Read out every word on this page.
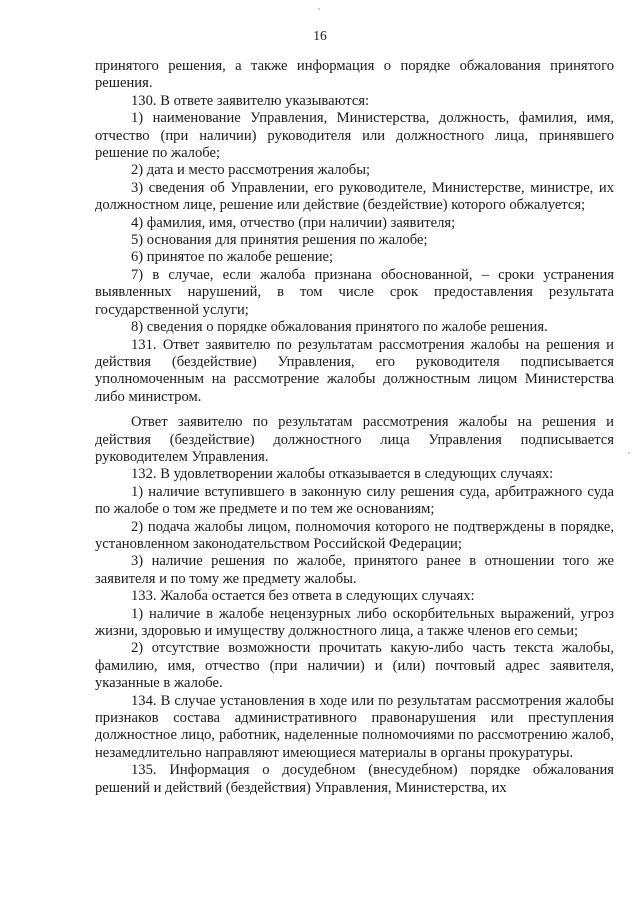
16

принятого решения, а также информация о порядке обжалования принятого решения.

130. В ответе заявителю указываются:

1) наименование Управления, Министерства, должность, фамилия, имя, отчество (при наличии) руководителя или должностного лица, принявшего решение по жалобе;

2) дата и место рассмотрения жалобы;

3) сведения об Управлении, его руководителе, Министерстве, министре, их должностном лице, решение или действие (бездействие) которого обжалуется;

4) фамилия, имя, отчество (при наличии) заявителя;

5) основания для принятия решения по жалобе;

6) принятое по жалобе решение;

7) в случае, если жалоба признана обоснованной, – сроки устранения выявленных нарушений, в том числе срок предоставления результата государственной услуги;

8) сведения о порядке обжалования принятого по жалобе решения.

131. Ответ заявителю по результатам рассмотрения жалобы на решения и действия (бездействие) Управления, его руководителя подписывается уполномоченным на рассмотрение жалобы должностным лицом Министерства либо министром.

Ответ заявителю по результатам рассмотрения жалобы на решения и действия (бездействие) должностного лица Управления подписывается руководителем Управления.

132. В удовлетворении жалобы отказывается в следующих случаях:

1) наличие вступившего в законную силу решения суда, арбитражного суда по жалобе о том же предмете и по тем же основаниям;

2) подача жалобы лицом, полномочия которого не подтверждены в порядке, установленном законодательством Российской Федерации;

3) наличие решения по жалобе, принятого ранее в отношении того же заявителя и по тому же предмету жалобы.

133. Жалоба остается без ответа в следующих случаях:

1) наличие в жалобе нецензурных либо оскорбительных выражений, угроз жизни, здоровью и имуществу должностного лица, а также членов его семьи;

2) отсутствие возможности прочитать какую-либо часть текста жалобы, фамилию, имя, отчество (при наличии) и (или) почтовый адрес заявителя, указанные в жалобе.

134. В случае установления в ходе или по результатам рассмотрения жалобы признаков состава административного правонарушения или преступления должностное лицо, работник, наделенные полномочиями по рассмотрению жалоб, незамедлительно направляют имеющиеся материалы в органы прокуратуры.

135. Информация о досудебном (внесудебном) порядке обжалования решений и действий (бездействия) Управления, Министерства, их
